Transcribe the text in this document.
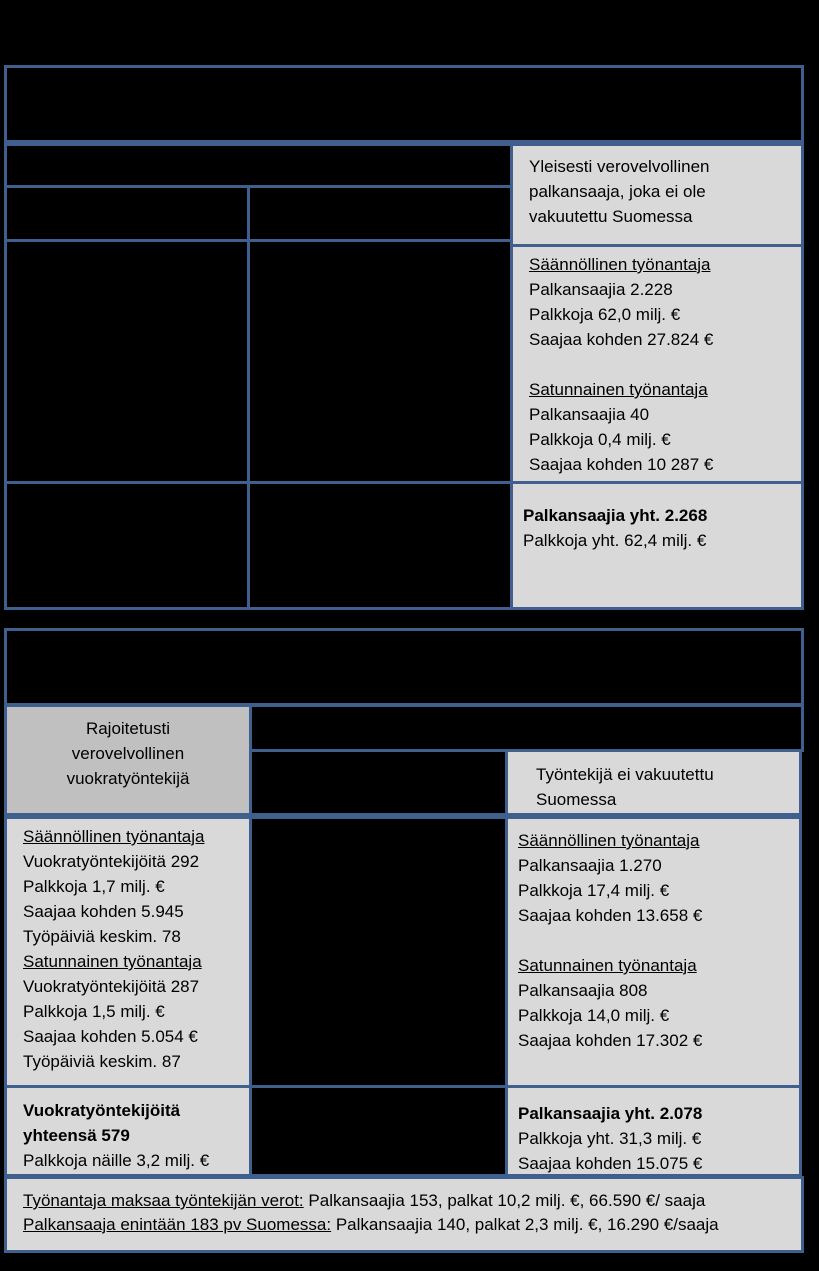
Yleisesti verovelvollinen

palkansaaja, joka ei ole

vakuutettu Suomessa

Säännöllinen työnantaja

Palkansaajia 2.228

Palkkoja 62,0 milj. €

Saajaa kohden 27.824 €

Satunnainen työnantaja

Palkansaajia 40

Palkkoja 0,4 milj. €

Saajaa kohden 10 287 €

Palkansaajia yht. 2.268

Palkkoja yht. 62,4 milj. €

Rajoitetusti

verovelvollinen

vuokratyöntekijä	Työntekijä ei vakuutettu

Suomessa

Säännöllinen työnantaja

Vuokratyöntekijöitä 292

Palkkoja 1,7 milj. €

Saajaa kohden 5.945

Työpäiviä keskim. 78

Satunnainen työnantaja

Vuokratyöntekijöitä 287

Palkkoja 1,5 milj. €

Saajaa kohden 5.054 €

Työpäiviä keskim. 87

Säännöllinen työnantaja

Palkansaajia 1.270

Palkkoja 17,4 milj. €

Saajaa kohden 13.658 €

Satunnainen työnantaja

Palkansaajia 808

Palkkoja 14,0 milj. €

Saajaa kohden 17.302 €

Vuokratyöntekijöitä

yhteensä 579

Palkkoja näille 3,2 milj. €

Palkansaajia yht. 2.078

Palkkoja yht. 31,3 milj. €

Saajaa kohden 15.075 €

Työnantaja maksaa työntekijän verot: Palkansaajia 153, palkat 10,2 milj. €, 66.590 €/ saaja

Palkansaaja enintään 183 pv Suomessa: Palkansaajia 140, palkat 2,3 milj. €, 16.290 €/saaja
